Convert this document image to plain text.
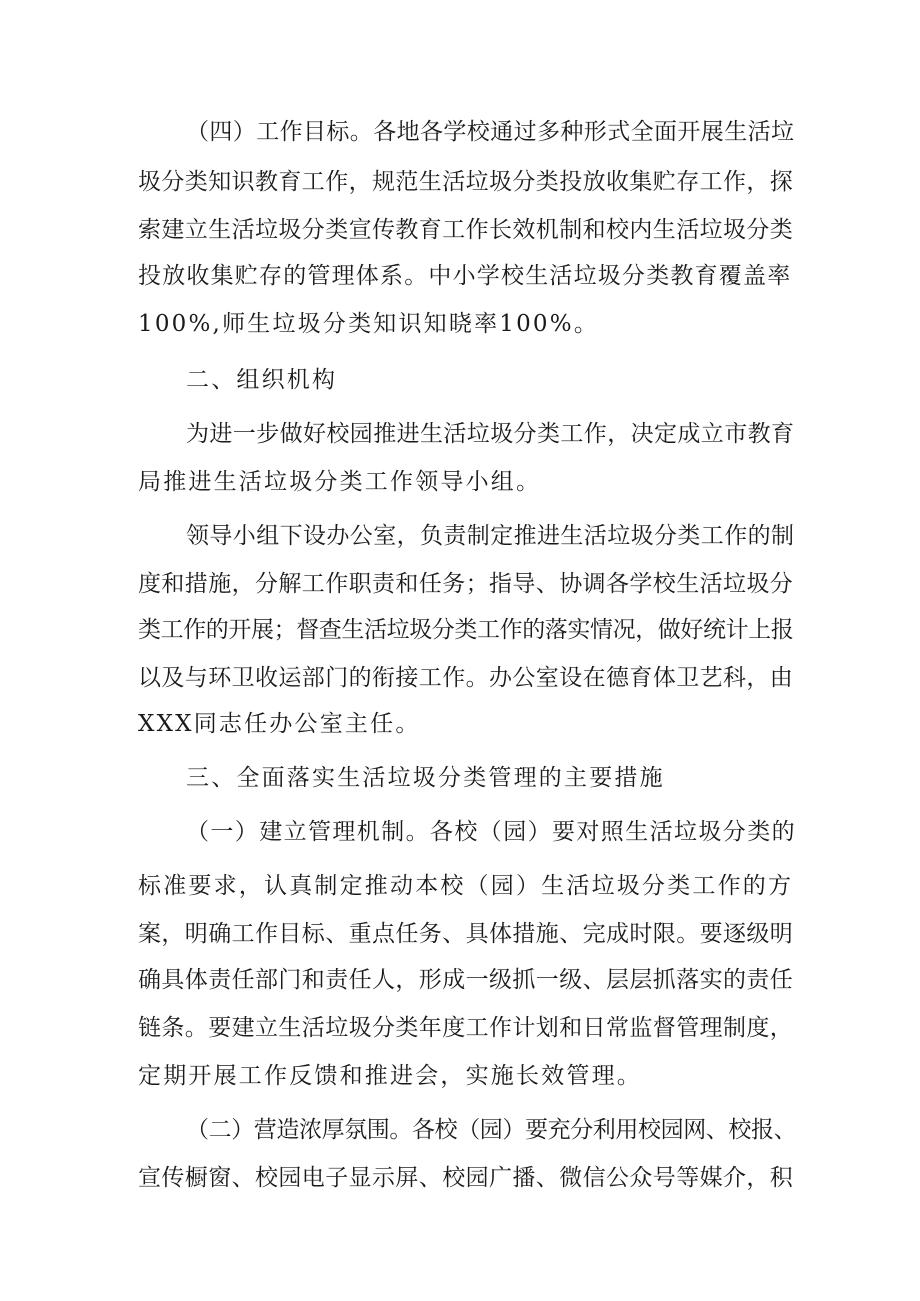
（四）工作目标。各地各学校通过多种形式全面开展生活垃
圾分类知识教育工作，规范生活垃圾分类投放收集贮存工作，探
索建立生活垃圾分类宣传教育工作长效机制和校内生活垃圾分类
投放收集贮存的管理体系。中小学校生活垃圾分类教育覆盖率
100%,师生垃圾分类知识知晓率100%。
二、组织机构
为进一步做好校园推进生活垃圾分类工作，决定成立市教育
局推进生活垃圾分类工作领导小组。
领导小组下设办公室，负责制定推进生活垃圾分类工作的制
度和措施，分解工作职责和任务；指导、协调各学校生活垃圾分
类工作的开展；督查生活垃圾分类工作的落实情况，做好统计上报
以及与环卫收运部门的衔接工作。办公室设在德育体卫艺科，由
XXX同志任办公室主任。
三、全面落实生活垃圾分类管理的主要措施
（一）建立管理机制。各校（园）要对照生活垃圾分类的
标准要求，认真制定推动本校（园）生活垃圾分类工作的方
案，明确工作目标、重点任务、具体措施、完成时限。要逐级明
确具体责任部门和责任人，形成一级抓一级、层层抓落实的责任
链条。要建立生活垃圾分类年度工作计划和日常监督管理制度，
定期开展工作反馈和推进会，实施长效管理。
（二）营造浓厚氛围。各校（园）要充分利用校园网、校报、
宣传橱窗、校园电子显示屏、校园广播、微信公众号等媒介，积
